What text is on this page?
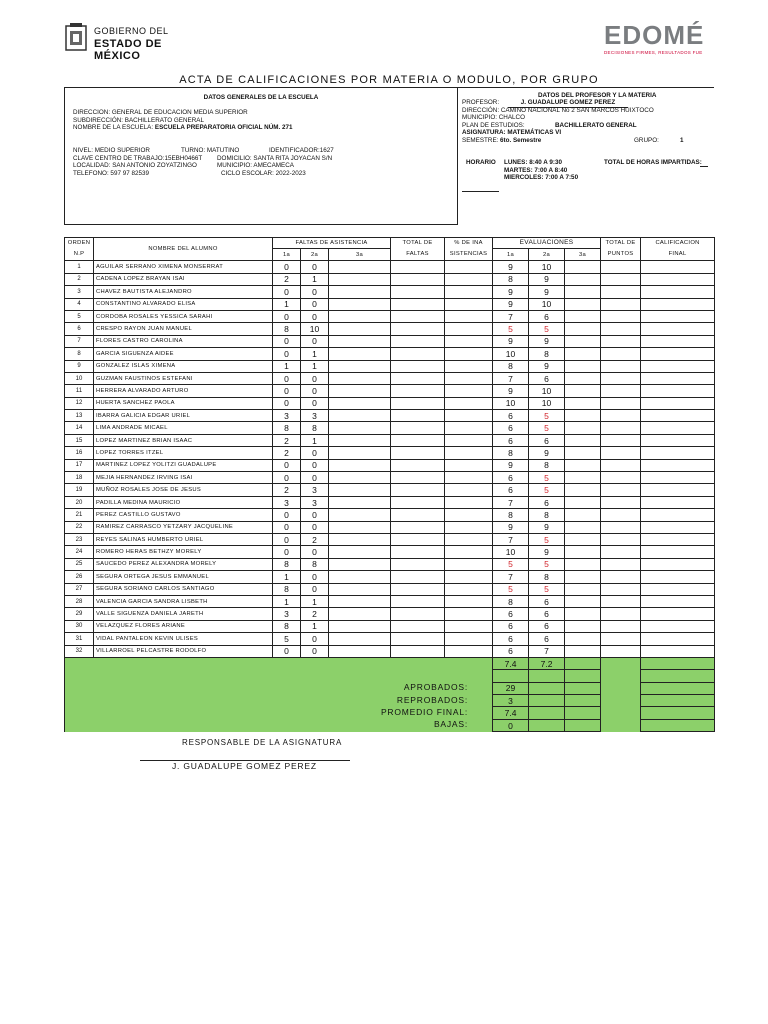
GOBIERNO DEL
ESTADO DE MÉXICO
EDOMÉ
DECISIONES FIRMES, RESULTADOS FUE
ACTA DE CALIFICACIONES POR MATERIA O MODULO, POR GRUPO
DATOS GENERALES DE LA ESCUELA
DIRECCION: GENERAL DE EDUCACION MEDIA SUPERIOR
SUBDIRECCIÓN: BACHILLERATO GENERAL
NOMBRE DE LA ESCUELA: ESCUELA PREPARATORIA OFICIAL NÚM. 271
NIVEL: MEDIO SUPERIOR	TURNO: MATUTINO	IDENTIFICADOR:1627
CLAVE CENTRO DE TRABAJO:15EBH0466T DOMICILIO: SANTA RITA JOYACAN S/N
LOCALIDAD: SAN ANTONIO ZOYATZINGO	MUNICIPIO: AMECAMECA
TELEFONO: 597 97 82539	CICLO ESCOLAR: 2022-2023
DATOS DEL PROFESOR Y LA MATERIA
PROFESOR:	J. GUADALUPE GOMEZ PEREZ
DIRECCIÓN: CAMINO NACIONAL No 2 SAN MARCOS HUIXTOCO
MUNICIPIO: CHALCO
PLAN DE ESTUDIOS:	BACHILLERATO GENERAL
ASIGNATURA: MATEMÁTICAS VI
SEMESTRE: 6to. Semestre	GRUPO:	1
HORARIO LUNES: 8:40 A 9:30
MARTES: 7:00 A 8:40
MIERCOLES: 7:00 A 7:50
TOTAL DE HORAS IMPARTIDAS:
ORDEN	NOMBRE DEL ALUMNO	FALTAS DE ASISTENCIA			TOTAL DE	% DE INA	EVALUACIONES			TOTAL DE	CALIFICACION
N.P		1a	2a	3a	FALTAS	SISTENCIAS	1a	2a	3a	PUNTOS	FINAL
1	AGUILAR SERRANO XIMENA MONSERRAT	0	0				9	10			
2	CADENA LOPEZ BRAYAN ISAI	2	1				8	9			
3	CHAVEZ BAUTISTA ALEJANDRO	0	0				9	9			
4	CONSTANTINO ALVARADO ELISA	1	0				9	10			
5	CORDOBA ROSALES YESSICA SARAHI	0	0				7	6			
6	CRESPO RAYON JUAN MANUEL	8	10				5	5			
7	FLORES CASTRO CAROLINA	0	0				9	9			
8	GARCIA SIGUENZA AIDEE	0	1				10	8			
9	GONZALEZ ISLAS XIMENA	1	1				8	9			
10	GUZMAN FAUSTINOS ESTEFANI	0	0				7	6			
11	HERRERA ALVARADO ARTURO	0	0				9	10			
12	HUERTA SANCHEZ PAOLA	0	0				10	10			
13	IBARRA GALICIA EDGAR URIEL	3	3				6	5			
14	LIMA ANDRADE MICAEL	8	8				6	5			
15	LOPEZ MARTINEZ BRIAN ISAAC	2	1				6	6			
16	LOPEZ TORRES ITZEL	2	0				8	9			
17	MARTINEZ LOPEZ YOLITZI GUADALUPE	0	0				9	8			
18	MEJIA HERNANDEZ IRVING ISAI	0	0				6	5			
19	MUÑOZ ROSALES JOSE DE JESUS	2	3				6	5			
20	PADILLA MEDINA MAURICIO	3	3				7	6			
21	PEREZ CASTILLO GUSTAVO	0	0				8	8			
22	RAMIREZ CARRASCO YETZARY JACQUELINE	0	0				9	9			
23	REYES SALINAS HUMBERTO URIEL	0	2				7	5			
24	ROMERO HERAS BETHZY MORELY	0	0				10	9			
25	SAUCEDO PEREZ ALEXANDRA MORELY	8	8				5	5			
26	SEGURA ORTEGA JESUS EMMANUEL	1	0				7	8			
27	SEGURA SORIANO CARLOS SANTIAGO	8	0				5	5			
28	VALENCIA GARCIA SANDRA LISBETH	1	1				8	6			
29	VALLE SIGUENZA DANIELA JARETH	3	2				6	6			
30	VELAZQUEZ FLORES ARIANE	8	1				6	6			
31	VIDAL PANTALEON KEVIN ULISES	5	0				6	6			
32	VILLARROEL PELCASTRE RODOLFO	0	0				6	7			
							7.4	7.2			

APROBADOS:							29				

REPROBADOS:							3				

PROMEDIO FINAL:							7.4				

BAJAS:							0				
RESPONSABLE DE LA ASIGNATURA
J. GUADALUPE GOMEZ PEREZ
